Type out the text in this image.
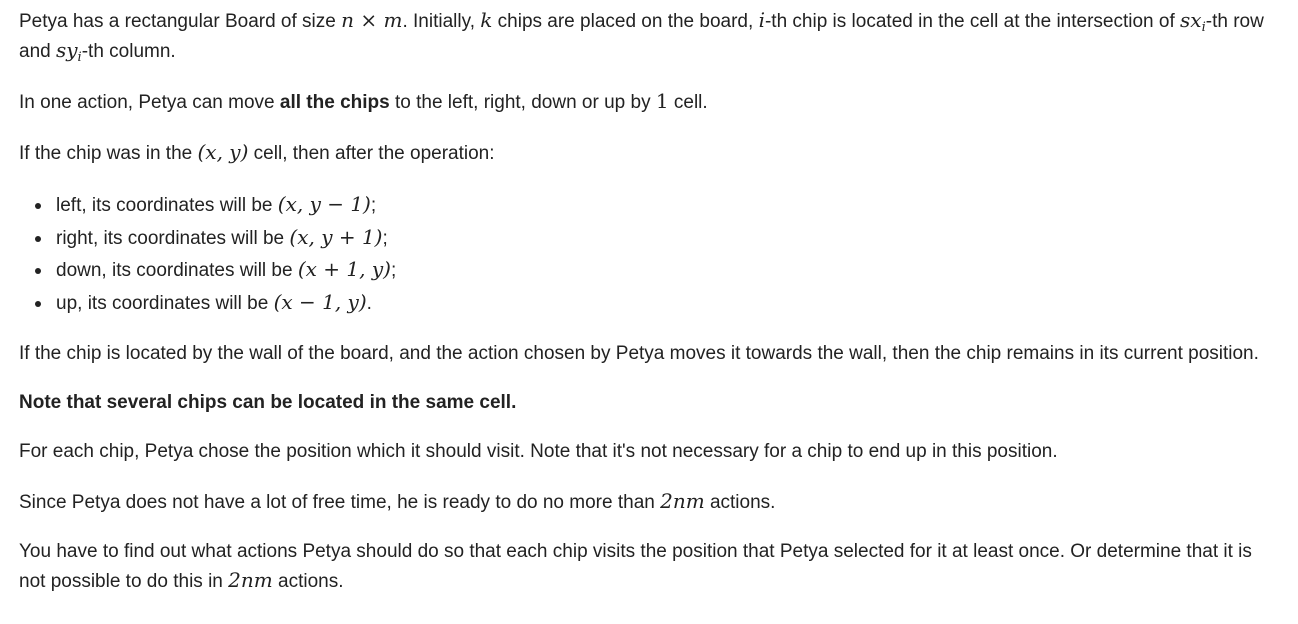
Petya has a rectangular Board of size n × m. Initially, k chips are placed on the board, i-th chip is located in the cell at the intersection of $sx_i-th$ row and $sy_i-th$ column.

In one action, Petya can move all the chips to the left, right, down or up by 1 cell.

If the chip was in the (x, y) cell, then after the operation:

left, its coordinates will be (x, y − 1);
right, its coordinates will be (x, y + 1);
down, its coordinates will be (x + 1, y);
up, its coordinates will be (x − 1, y).

If the chip is located by the wall of the board, and the action chosen by Petya moves it towards the wall, then the chip remains in its current position.

Note that several chips can be located in the same cell.

For each chip, Petya chose the position which it should visit. Note that it's not necessary for a chip to end up in this position.

Since Petya does not have a lot of free time, he is ready to do no more than 2nm actions.

You have to find out what actions Petya should do so that each chip visits the position that Petya selected for it at least once. Or determine that it is not possible to do this in 2nm actions.
